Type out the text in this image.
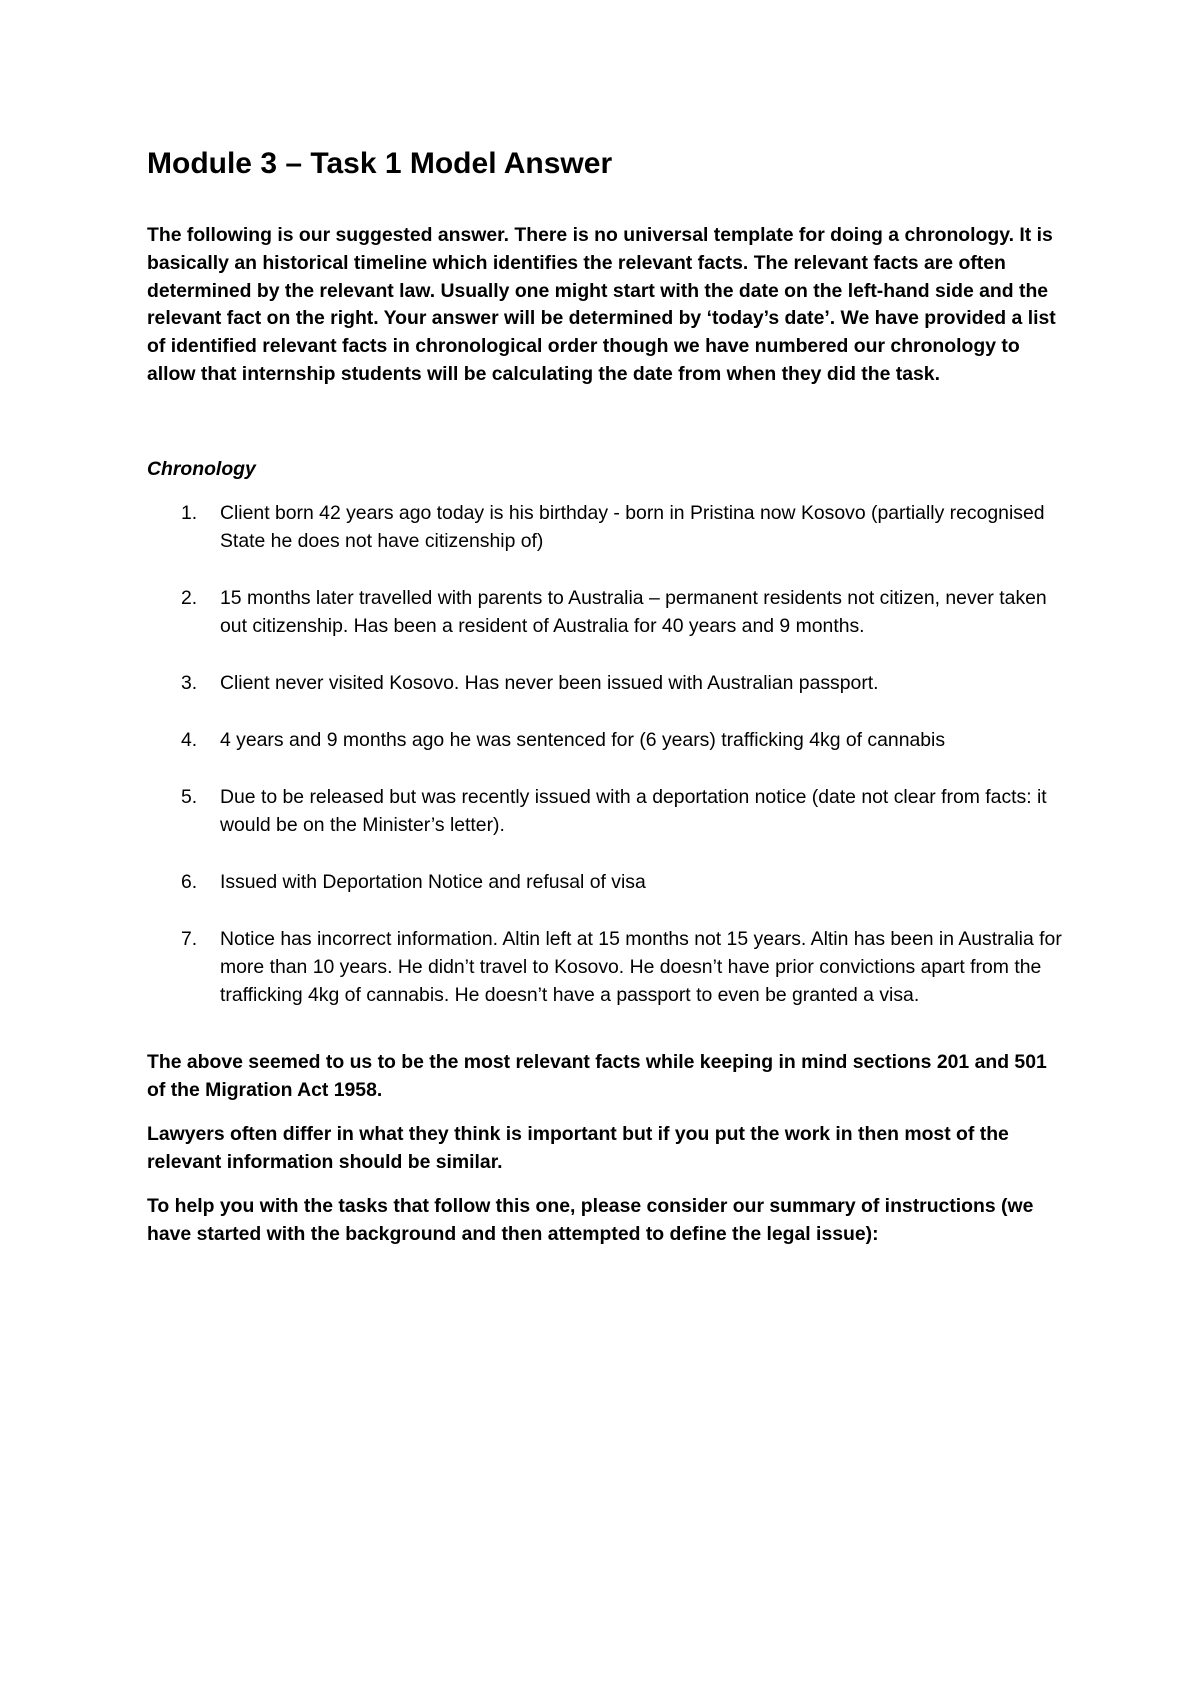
Module 3 – Task 1 Model Answer

The following is our suggested answer. There is no universal template for doing a chronology. It is basically an historical timeline which identifies the relevant facts. The relevant facts are often determined by the relevant law. Usually one might start with the date on the left-hand side and the relevant fact on the right. Your answer will be determined by ‘today’s date’. We have provided a list of identified relevant facts in chronological order though we have numbered our chronology to allow that internship students will be calculating the date from when they did the task.

Chronology

1. Client born 42 years ago today is his birthday - born in Pristina now Kosovo (partially recognised State he does not have citizenship of)
2. 15 months later travelled with parents to Australia – permanent residents not citizen, never taken out citizenship. Has been a resident of Australia for 40 years and 9 months.
3. Client never visited Kosovo. Has never been issued with Australian passport.
4. 4 years and 9 months ago he was sentenced for (6 years) trafficking 4kg of cannabis
5. Due to be released but was recently issued with a deportation notice (date not clear from facts: it would be on the Minister’s letter).
6. Issued with Deportation Notice and refusal of visa
7. Notice has incorrect information. Altin left at 15 months not 15 years. Altin has been in Australia for more than 10 years. He didn’t travel to Kosovo. He doesn’t have prior convictions apart from the trafficking 4kg of cannabis. He doesn’t have a passport to even be granted a visa.

The above seemed to us to be the most relevant facts while keeping in mind sections 201 and 501 of the Migration Act 1958.

Lawyers often differ in what they think is important but if you put the work in then most of the relevant information should be similar.

To help you with the tasks that follow this one, please consider our summary of instructions (we have started with the background and then attempted to define the legal issue):
